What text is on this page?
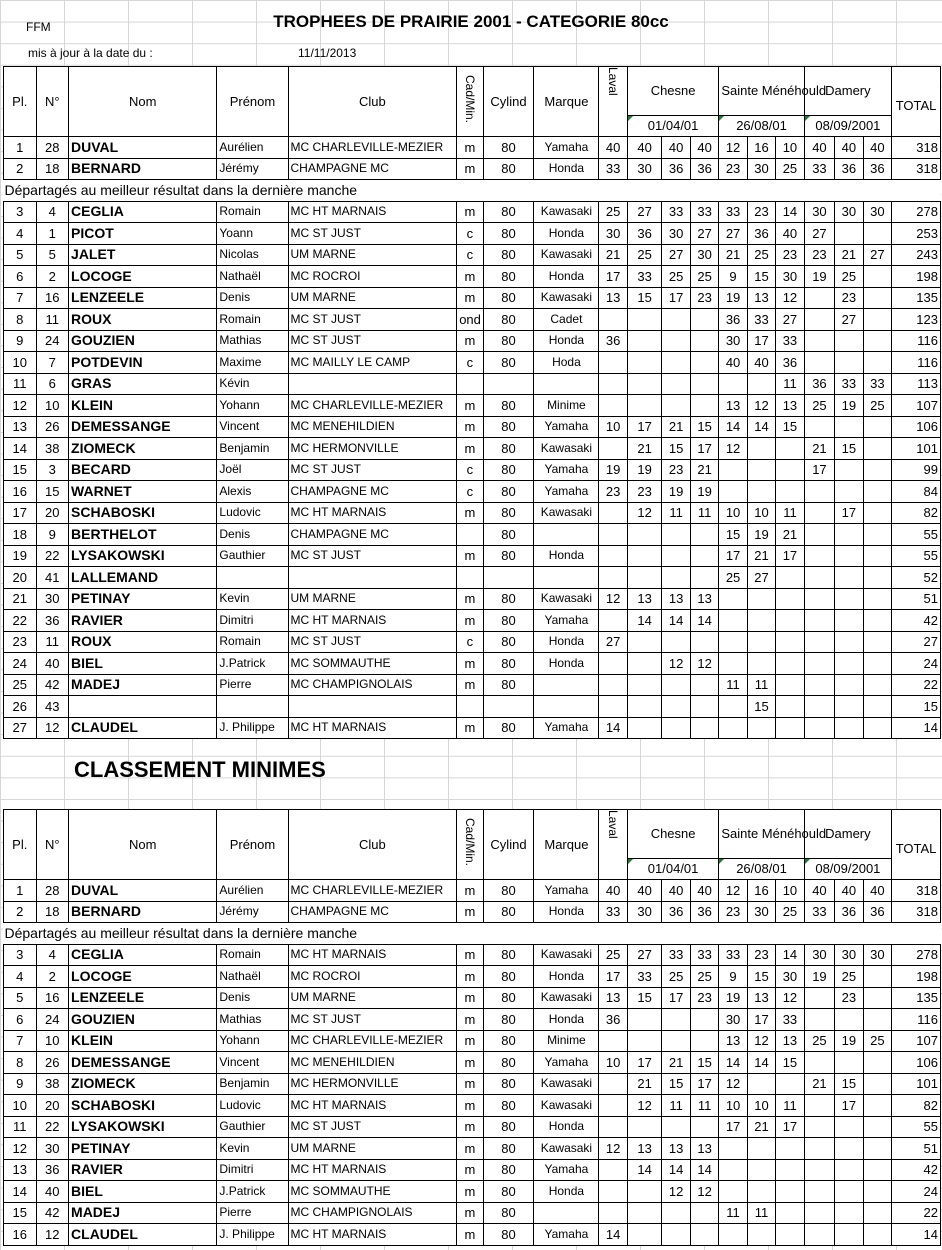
FFM	TROPHEES DE PRAIRIE 2001 - CATEGORIE 80cc
mis à jour à la date du :	11/11/2013
Pl.	N°	Nom	Prénom	Club	Cad/Min.	Cylind	Marque	Laval	Chesne			Sainte Ménéhould			Damery			TOTAL
									01/04/01			26/08/01			08/09/2001			

1	28	DUVAL	Aurélien	MC CHARLEVILLE-MEZIER	m	80	Yamaha	40	40	40	40	12	16	10	40	40	40	318
2	18	BERNARD	Jérémy	CHAMPAGNE MC	m	80	Honda	33	30	36	36	23	30	25	33	36	36	318
Départagés au meilleur résultat dans la dernière manche																		
3	4	CEGLIA	Romain	MC HT MARNAIS	m	80	Kawasaki	25	27	33	33	33	23	14	30	30	30	278
4	1	PICOT	Yoann	MC ST JUST	c	80	Honda	30	36	30	27	27	36	40	27			253
5	5	JALET	Nicolas	UM MARNE	c	80	Kawasaki	21	25	27	30	21	25	23	23	21	27	243
6	2	LOCOGE	Nathaël	MC ROCROI	m	80	Honda	17	33	25	25	9	15	30	19	25		198
7	16	LENZEELE	Denis	UM MARNE	m	80	Kawasaki	13	15	17	23	19	13	12		23		135
8	11	ROUX	Romain	MC ST JUST	ond	80	Cadet					36	33	27		27		123
9	24	GOUZIEN	Mathias	MC ST JUST	m	80	Honda	36				30	17	33				116
10	7	POTDEVIN	Maxime	MC MAILLY LE CAMP	c	80	Hoda					40	40	36				116
11	6	GRAS	Kévin											11	36	33	33	113
12	10	KLEIN	Yohann	MC CHARLEVILLE-MEZIER	m	80	Minime					13	12	13	25	19	25	107
13	26	DEMESSANGE	Vincent	MC MENEHILDIEN	m	80	Yamaha	10	17	21	15	14	14	15				106
14	38	ZIOMECK	Benjamin	MC HERMONVILLE	m	80	Kawasaki		21	15	17	12			21	15		101
15	3	BECARD	Joël	MC ST JUST	c	80	Yamaha	19	19	23	21				17			99
16	15	WARNET	Alexis	CHAMPAGNE MC	c	80	Yamaha	23	23	19	19							84
17	20	SCHABOSKI	Ludovic	MC HT MARNAIS	m	80	Kawasaki		12	11	11	10	10	11		17		82
18	9	BERTHELOT	Denis	CHAMPAGNE MC		80						15	19	21				55
19	22	LYSAKOWSKI	Gauthier	MC ST JUST	m	80	Honda					17	21	17				55
20	41	LALLEMAND										25	27					52
21	30	PETINAY	Kevin	UM MARNE	m	80	Kawasaki	12	13	13	13							51
22	36	RAVIER	Dimitri	MC HT MARNAIS	m	80	Yamaha		14	14	14							42
23	11	ROUX	Romain	MC ST JUST	c	80	Honda	27										27
24	40	BIEL	J.Patrick	MC SOMMAUTHE	m	80	Honda			12	12							24
25	42	MADEJ	Pierre	MC CHAMPIGNOLAIS	m	80						11	11					22
26	43												15					15
27	12	CLAUDEL	J. Philippe	MC HT MARNAIS	m	80	Yamaha	14										14
CLASSEMENT MINIMES
Pl.	N°	Nom	Prénom	Club	Cad/Min.	Cylind	Marque	Laval	Chesne			Sainte Ménéhould			Damery			TOTAL
									01/04/01			26/08/01			08/09/2001			

1	28	DUVAL	Aurélien	MC CHARLEVILLE-MEZIER	m	80	Yamaha	40	40	40	40	12	16	10	40	40	40	318
2	18	BERNARD	Jérémy	CHAMPAGNE MC	m	80	Honda	33	30	36	36	23	30	25	33	36	36	318
Départagés au meilleur résultat dans la dernière manche																		
3	4	CEGLIA	Romain	MC HT MARNAIS	m	80	Kawasaki	25	27	33	33	33	23	14	30	30	30	278
4	2	LOCOGE	Nathaël	MC ROCROI	m	80	Honda	17	33	25	25	9	15	30	19	25		198
5	16	LENZEELE	Denis	UM MARNE	m	80	Kawasaki	13	15	17	23	19	13	12		23		135
6	24	GOUZIEN	Mathias	MC ST JUST	m	80	Honda	36				30	17	33				116
7	10	KLEIN	Yohann	MC CHARLEVILLE-MEZIER	m	80	Minime					13	12	13	25	19	25	107
8	26	DEMESSANGE	Vincent	MC MENEHILDIEN	m	80	Yamaha	10	17	21	15	14	14	15				106
9	38	ZIOMECK	Benjamin	MC HERMONVILLE	m	80	Kawasaki		21	15	17	12			21	15		101
10	20	SCHABOSKI	Ludovic	MC HT MARNAIS	m	80	Kawasaki		12	11	11	10	10	11		17		82
11	22	LYSAKOWSKI	Gauthier	MC ST JUST	m	80	Honda					17	21	17				55
12	30	PETINAY	Kevin	UM MARNE	m	80	Kawasaki	12	13	13	13							51
13	36	RAVIER	Dimitri	MC HT MARNAIS	m	80	Yamaha		14	14	14							42
14	40	BIEL	J.Patrick	MC SOMMAUTHE	m	80	Honda			12	12							24
15	42	MADEJ	Pierre	MC CHAMPIGNOLAIS	m	80						11	11					22
16	12	CLAUDEL	J. Philippe	MC HT MARNAIS	m	80	Yamaha	14										14
